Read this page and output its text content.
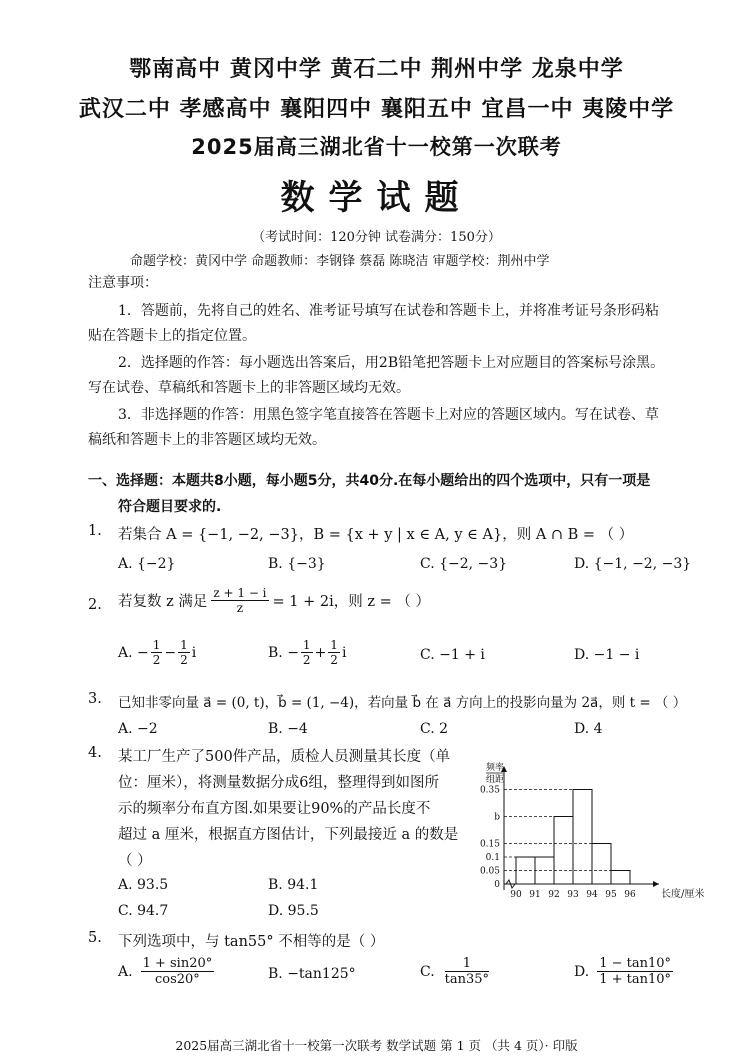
鄂南高中 黄冈中学 黄石二中 荆州中学 龙泉中学
武汉二中 孝感高中 襄阳四中 襄阳五中 宜昌一中 夷陵中学
2025届高三湖北省十一校第一次联考
数学试题
（考试时间：120分钟 试卷满分：150分）
命题学校：黄冈中学 命题教师：李钢锋 蔡磊 陈晓洁 审题学校：荆州中学
注意事项：
1．答题前，先将自己的姓名、准考证号填写在试卷和答题卡上，并将准考证号条形码粘
贴在答题卡上的指定位置。
2．选择题的作答：每小题选出答案后，用2B铅笔把答题卡上对应题目的答案标号涂黑。
写在试卷、草稿纸和答题卡上的非答题区域均无效。
3．非选择题的作答：用黑色签字笔直接答在答题卡上对应的答题区域内。写在试卷、草
稿纸和答题卡上的非答题区域均无效。
一、选择题：本题共8小题，每小题5分，共40分.在每小题给出的四个选项中，只有一项是
符合题目要求的.
1. 若集合 A = {−1, −2, −3}，B = {x + y | x ∈ A, y ∈ A}，则 A ∩ B = （ ）
A. {−2}	B. {−3}	C. {−2, −3}	D. {−1, −2, −3}
2. 若复数 z 满足 $\frac{z + 1 - i}{z} = 1 + 2i$，则 z = （ ）
A. − $\frac{1}{2} - \frac{1}{2}$ i	B. − $\frac{1}{2} + \frac{1}{2}$ i	C. −1 + i	D. −1 − i
3. 已知非零向量 a⃗ = (0, t)，b⃗ = (1, −4)，若向量 b⃗ 在 a⃗ 方向上的投影向量为 2a⃗，则 t = （ ）
A. −2	B. −4	C. 2	D. 4
4. 某工厂生产了500件产品，质检人员测量其长度（单
位：厘米），将测量数据分成6组，整理得到如图所
示的频率分布直方图.如果要让90%的产品长度不
超过 a 厘米，根据直方图估计，下列最接近 a 的数是
（ ）
A. 93.5	B. 94.1
C. 94.7	D. 95.5
0.35
b
0.15
0.1
0.05
0
90 91 92 93 94 95 96	长度/厘米
频率
组距
5. 下列选项中，与 tan55° 不相等的是（ ）
A. $\frac{1 + \sin 20^\circ}{\cos 20^\circ}$	B. −tan125°	C. $\frac{1}{\tan 35^\circ}$	D. $\frac{1 - \tan 10^\circ}{1 + \tan 10^\circ}$
2025届高三湖北省十一校第一次联考 数学试题 第 1 页 （共 4 页）· 印版
